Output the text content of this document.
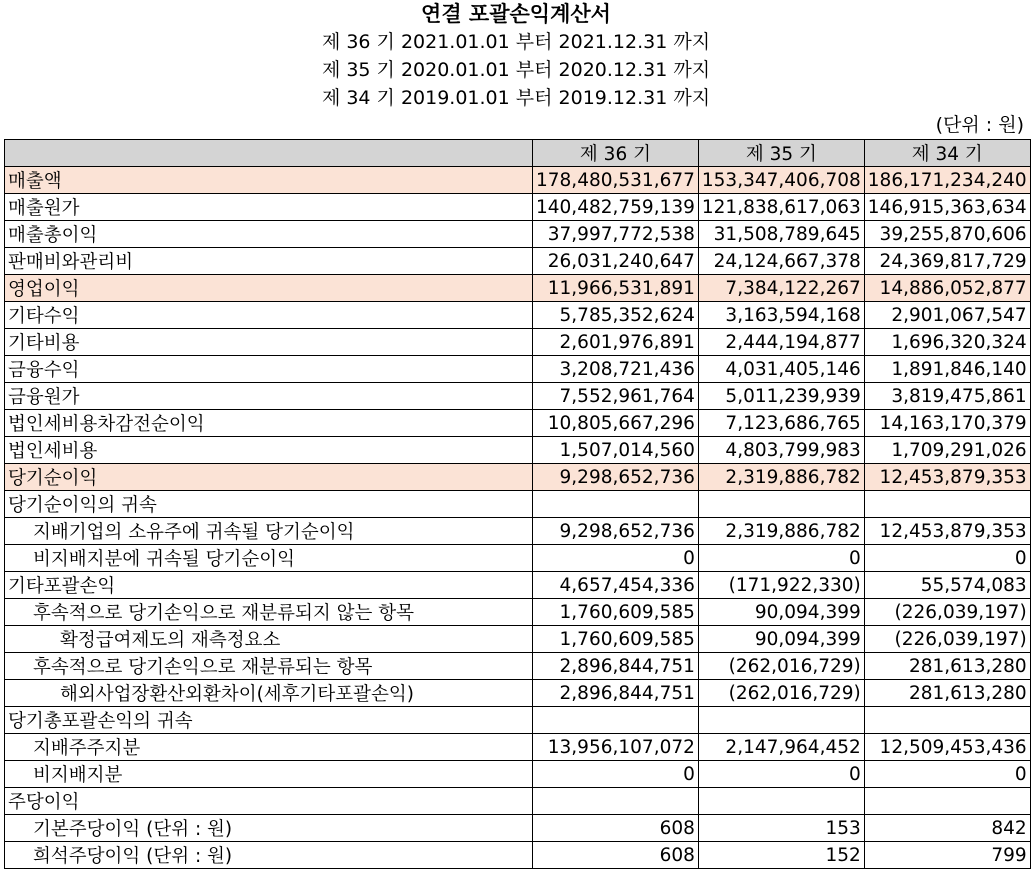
연결 포괄손익계산서
제 36 기 2021.01.01 부터 2021.12.31 까지
제 35 기 2020.01.01 부터 2020.12.31 까지
제 34 기 2019.01.01 부터 2019.12.31 까지
(단위 : 원)
	제 36 기	제 35 기	제 34 기
매출액	178,480,531,677	153,347,406,708	186,171,234,240
매출원가	140,482,759,139	121,838,617,063	146,915,363,634
매출총이익	37,997,772,538	31,508,789,645	39,255,870,606
판매비와관리비	26,031,240,647	24,124,667,378	24,369,817,729
영업이익	11,966,531,891	7,384,122,267	14,886,052,877
기타수익	5,785,352,624	3,163,594,168	2,901,067,547
기타비용	2,601,976,891	2,444,194,877	1,696,320,324
금융수익	3,208,721,436	4,031,405,146	1,891,846,140
금융원가	7,552,961,764	5,011,239,939	3,819,475,861
법인세비용차감전순이익	10,805,667,296	7,123,686,765	14,163,170,379
법인세비용	1,507,014,560	4,803,799,983	1,709,291,026
당기순이익	9,298,652,736	2,319,886,782	12,453,879,353
당기순이익의 귀속			
지배기업의 소유주에 귀속될 당기순이익	9,298,652,736	2,319,886,782	12,453,879,353
비지배지분에 귀속될 당기순이익	0	0	0
기타포괄손익	4,657,454,336	(171,922,330)	55,574,083
후속적으로 당기손익으로 재분류되지 않는 항목	1,760,609,585	90,094,399	(226,039,197)
확정급여제도의 재측정요소	1,760,609,585	90,094,399	(226,039,197)
후속적으로 당기손익으로 재분류되는 항목	2,896,844,751	(262,016,729)	281,613,280
해외사업장환산외환차이(세후기타포괄손익)	2,896,844,751	(262,016,729)	281,613,280
당기총포괄손익의 귀속			
지배주주지분	13,956,107,072	2,147,964,452	12,509,453,436
비지배지분	0	0	0
주당이익			
기본주당이익 (단위 : 원)	608	153	842
희석주당이익 (단위 : 원)	608	152	799
